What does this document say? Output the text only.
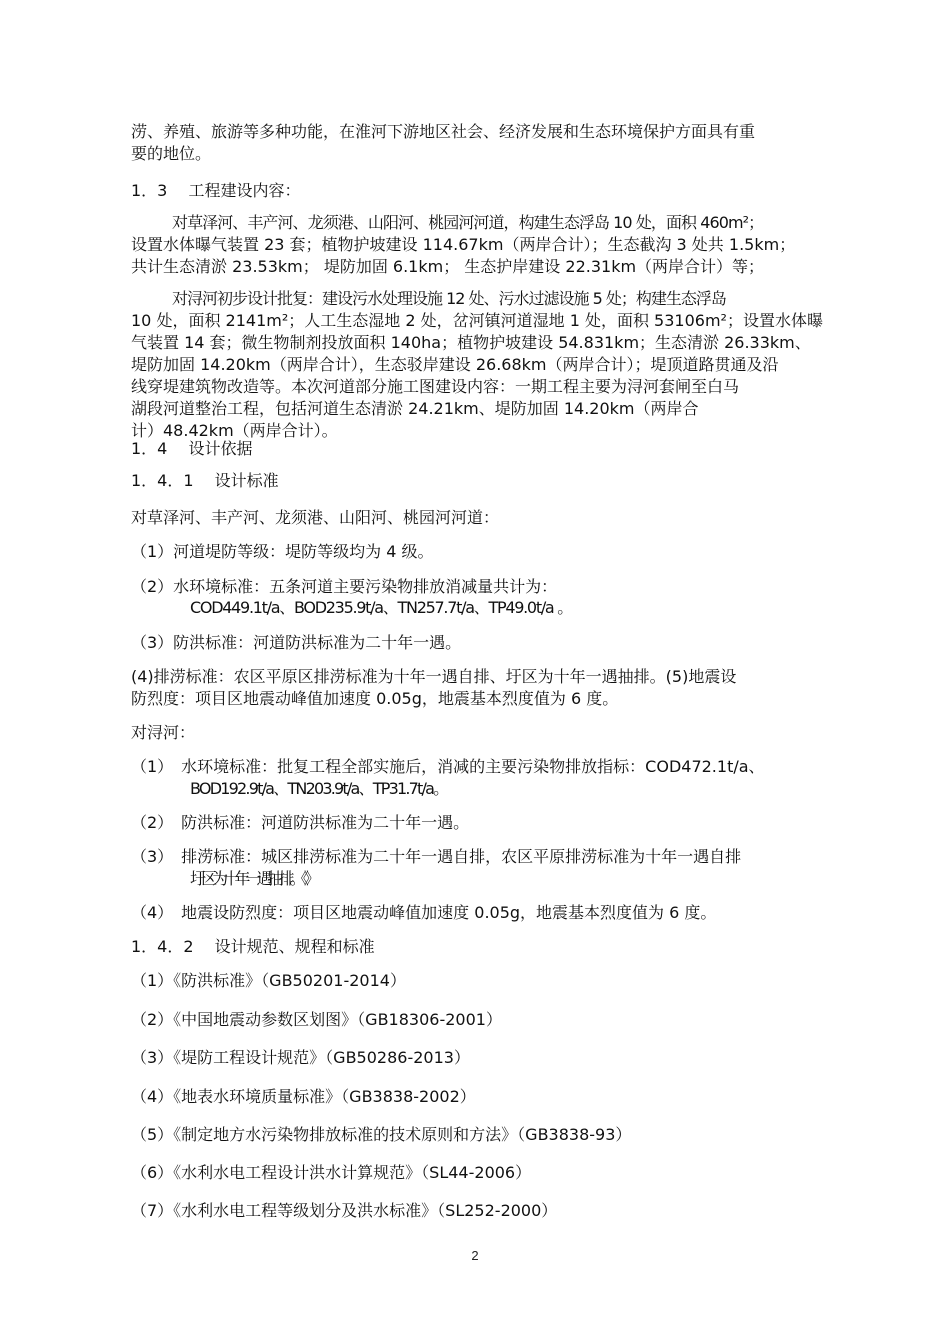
涝、养殖、旅游等多种功能，在淮河下游地区社会、经济发展和生态环境保护方面具有重
要的地位。
1．3　 工程建设内容：
对草泽河、丰产河、龙须港、山阳河、桃园河河道，构建生态浮岛 10 处，面积 460m²；
设置水体曝气装置 23 套；植物护坡建设 114.67km（两岸合计）；生态截沟 3 处共 1.5km；
共计生态清淤 23.53km； 堤防加固 6.1km； 生态护岸建设 22.31km（两岸合计）等；
对浔河初步设计批复：建设污水处理设施 12 处、污水过滤设施 5 处；构建生态浮岛
10 处，面积 2141m²；人工生态湿地 2 处，岔河镇河道湿地 1 处，面积 53106m²；设置水体曝
气装置 14 套；微生物制剂投放面积 140ha；植物护坡建设 54.831km；生态清淤 26.33km、
堤防加固 14.20km（两岸合计），生态驳岸建设 26.68km（两岸合计）；堤顶道路贯通及沿
线穿堤建筑物改造等。本次河道部分施工图建设内容：一期工程主要为浔河套闸至白马
湖段河道整治工程，包括河道生态清淤 24.21km、堤防加固 14.20km（两岸合
计）48.42km（两岸合计）。
1．4　 设计依据
1．4．1　 设计标准
对草泽河、丰产河、龙须港、山阳河、桃园河河道：
（1）河道堤防等级：堤防等级均为 4 级。
（2）水环境标准：五条河道主要污染物排放消减量共计为：
COD449.1t/a、BOD235.9t/a、TN257.7t/a、TP49.0t/a 。
（3）防洪标准：河道防洪标准为二十年一遇。
(4)排涝标准：农区平原区排涝标准为十年一遇自排、圩区为十年一遇抽排。(5)地震设
防烈度：项目区地震动峰值加速度 0.05g，地震基本烈度值为 6 度。
对浔河：
（1）　水环境标准：批复工程全部实施后，消减的主要污染物排放指标：COD472.1t/a、
BOD192.9t/a、TN203.9t/a、TP31.7t/a。
（2）　防洪标准：河道防洪标准为二十年一遇。
（3）　排涝标准：城区排涝标准为二十年一遇自排，农区平原排涝标准为十年一遇自排
圩区为十年一遇抽排。《》
（4）　地震设防烈度：项目区地震动峰值加速度 0.05g，地震基本烈度值为 6 度。
1．4．2　 设计规范、规程和标准
（1）《防洪标准》（GB50201-2014）
（2）《中国地震动参数区划图》（GB18306-2001）
（3）《堤防工程设计规范》（GB50286-2013）
（4）《地表水环境质量标准》（GB3838-2002）
（5）《制定地方水污染物排放标准的技术原则和方法》（GB3838-93）
（6）《水利水电工程设计洪水计算规范》（SL44-2006）
（7）《水利水电工程等级划分及洪水标准》（SL252-2000）
2
